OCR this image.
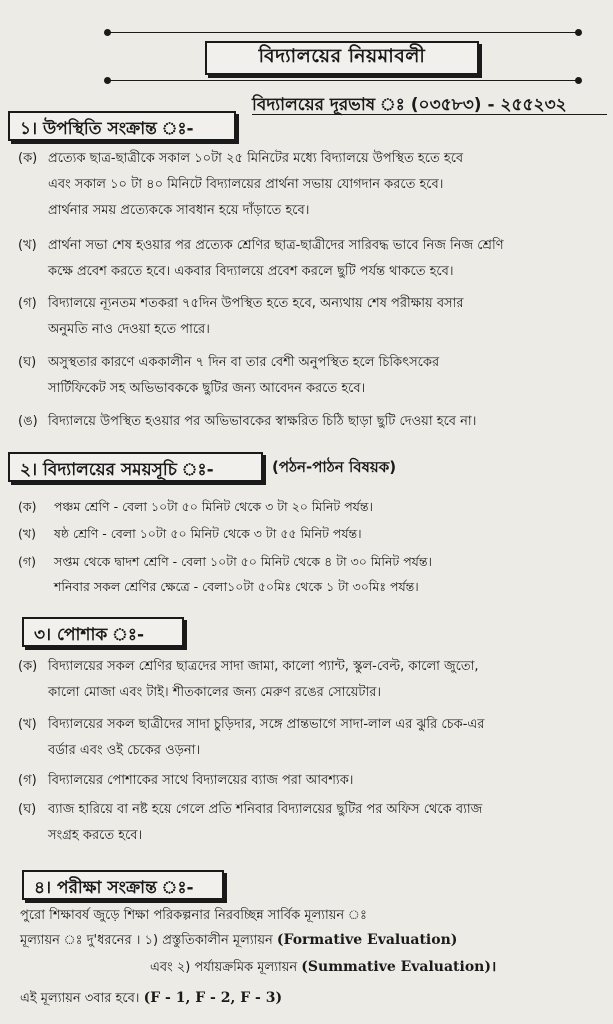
বিদ্যালয়ের নিয়মাবলী
বিদ্যালয়ের দূরভাষ ঃ (০৩৫৮৩) - ২৫৫২৩২
১। উপস্থিতি সংক্রান্ত ঃ-
(ক) প্রত্যেক ছাত্র-ছাত্রীকে সকাল ১০টা ২৫ মিনিটের মধ্যে বিদ্যালয়ে উপস্থিত হতে হবে
এবং সকাল ১০ টা ৪০ মিনিটে বিদ্যালয়ের প্রার্থনা সভায় যোগদান করতে হবে।
প্রার্থনার সময় প্রত্যেককে সাবধান হয়ে দাঁড়াতে হবে।
(খ) প্রার্থনা সভা শেষ হওয়ার পর প্রত্যেক শ্রেণির ছাত্র-ছাত্রীদের সারিবদ্ধ ভাবে নিজ নিজ শ্রেণি
কক্ষে প্রবেশ করতে হবে। একবার বিদ্যালয়ে প্রবেশ করলে ছুটি পর্যন্ত থাকতে হবে।
(গ) বিদ্যালয়ে ন্যূনতম শতকরা ৭৫দিন উপস্থিত হতে হবে, অন্যথায় শেষ পরীক্ষায় বসার
অনুমতি নাও দেওয়া হতে পারে।
(ঘ) অসুস্থতার কারণে এককালীন ৭ দিন বা তার বেশী অনুপস্থিত হলে চিকিৎসকের
সার্টিফিকেট সহ অভিভাবককে ছুটির জন্য আবেদন করতে হবে।
(ঙ) বিদ্যালয়ে উপস্থিত হওয়ার পর অভিভাবকের স্বাক্ষরিত চিঠি ছাড়া ছুটি দেওয়া হবে না।
২। বিদ্যালয়ের সময়সূচি ঃ-	(পঠন-পাঠন বিষয়ক)
(ক) পঞ্চম শ্রেণি - বেলা ১০টা ৫০ মিনিট থেকে ৩ টা ২০ মিনিট পর্যন্ত।
(খ) ষষ্ঠ শ্রেণি - বেলা ১০টা ৫০ মিনিট থেকে ৩ টা ৫৫ মিনিট পর্যন্ত।
(গ) সপ্তম থেকে দ্বাদশ শ্রেণি - বেলা ১০টা ৫০ মিনিট থেকে ৪ টা ৩০ মিনিট পর্যন্ত।
শনিবার সকল শ্রেণির ক্ষেত্রে - বেলা১০টা ৫০মিঃ থেকে ১ টা ৩০মিঃ পর্যন্ত।
৩। পোশাক ঃ-
(ক) বিদ্যালয়ের সকল শ্রেণির ছাত্রদের সাদা জামা, কালো প্যান্ট, স্কুল-বেল্ট, কালো জুতো,
কালো মোজা এবং টাই। শীতকালের জন্য মেরুণ রঙের সোয়েটার।
(খ) বিদ্যালয়ের সকল ছাত্রীদের সাদা চুড়িদার, সঙ্গে প্রান্তভাগে সাদা-লাল এর ঝুরি চেক-এর
বর্ডার এবং ওই চেকের ওড়না।
(গ) বিদ্যালয়ের পোশাকের সাথে বিদ্যালয়ের ব্যাজ পরা আবশ্যক।
(ঘ) ব্যাজ হারিয়ে বা নষ্ট হয়ে গেলে প্রতি শনিবার বিদ্যালয়ের ছুটির পর অফিস থেকে ব্যাজ
সংগ্রহ করতে হবে।
৪। পরীক্ষা সংক্রান্ত ঃ-
পুরো শিক্ষাবর্ষ জুড়ে শিক্ষা পরিকল্পনার নিরবচ্ছিন্ন সার্বিক মূল্যায়ন ঃ
মূল্যায়ন ঃ দু'ধরনের । ১) প্রস্তুতিকালীন মূল্যায়ন (Formative Evaluation)
এবং ২) পর্যায়ক্রমিক মূল্যায়ন (Summative Evaluation)।
এই মূল্যায়ন ৩বার হবে। (F - 1, F - 2, F - 3)
